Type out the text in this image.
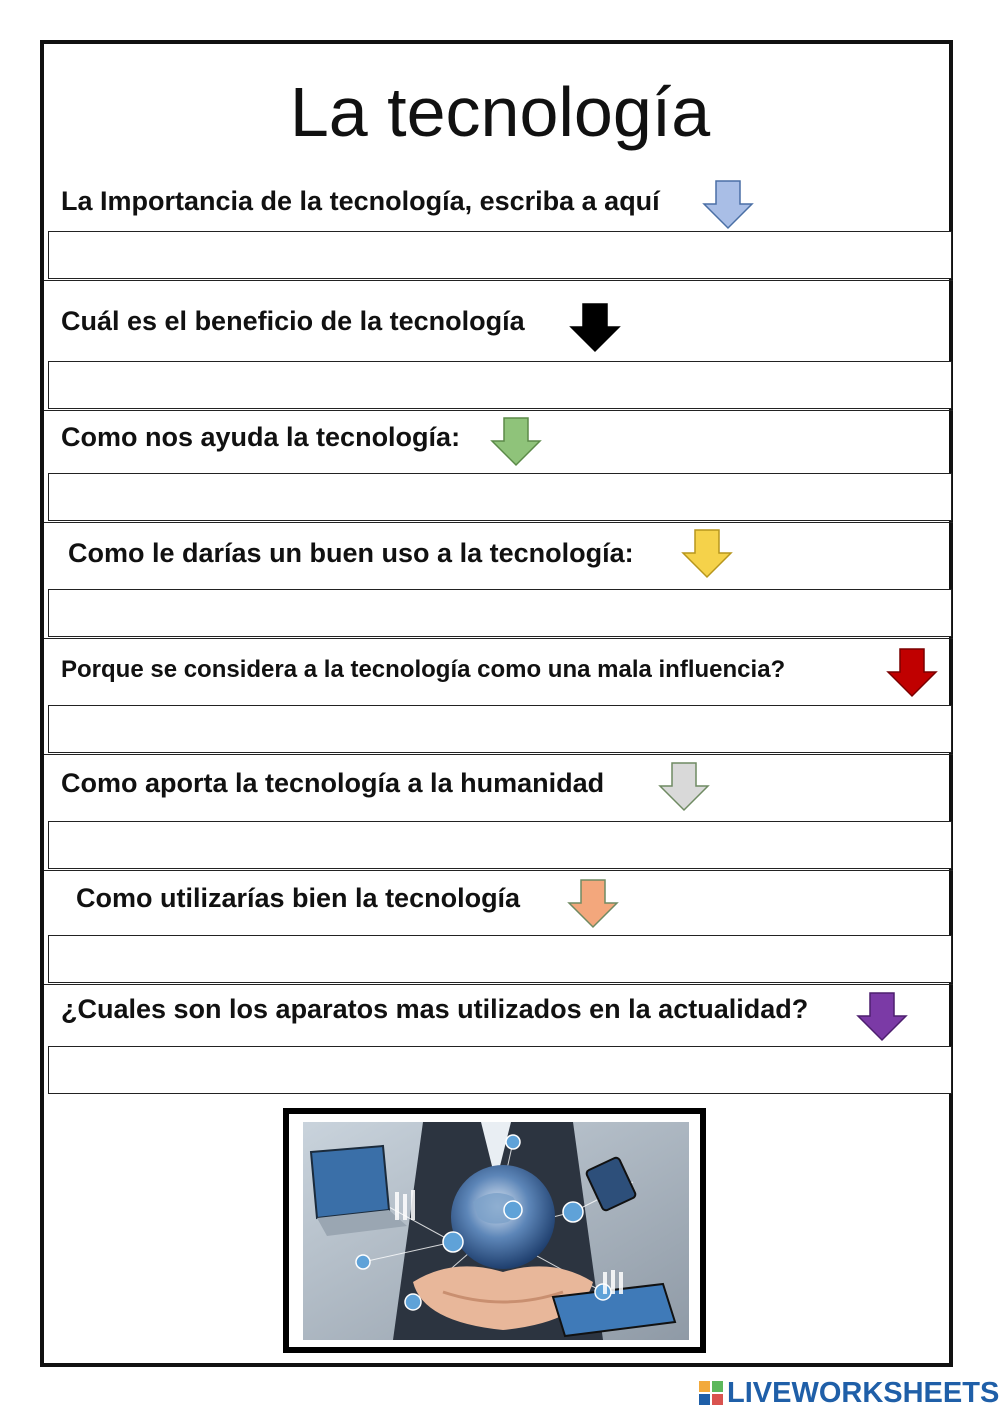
La tecnología
La Importancia de la tecnología, escriba a aquí
Cuál es el beneficio de la tecnología
Como nos ayuda la tecnología:
Como le darías un buen uso a la tecnología:
Porque se considera a la tecnología como una mala influencia?
Como aporta la tecnología a la humanidad
Como utilizarías bien la tecnología
¿Cuales son los aparatos mas utilizados en la actualidad?
LIVEWORKSHEETS
